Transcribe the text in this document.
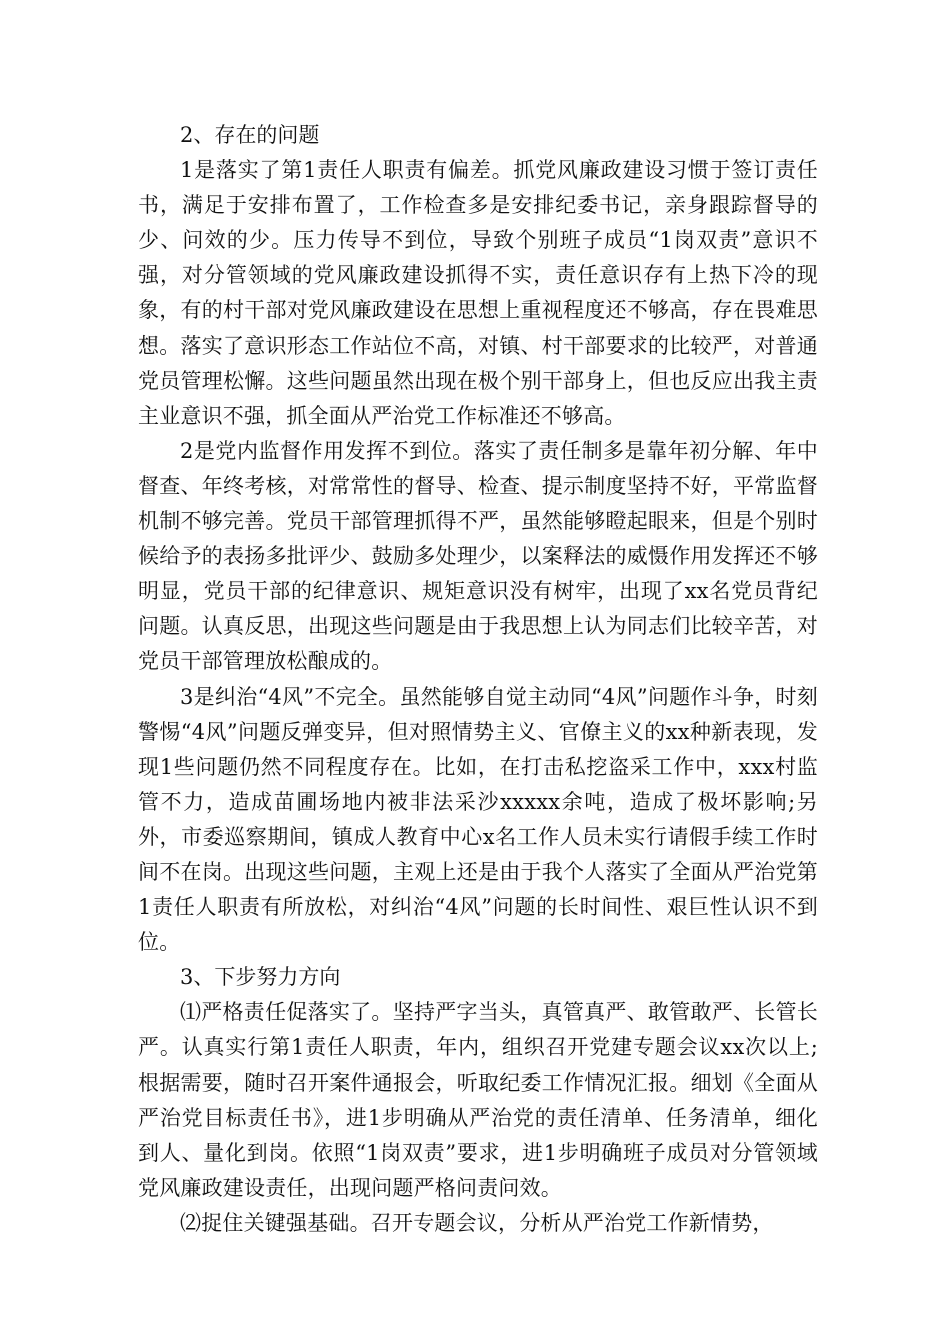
2、存在的问题

1是落实了第1责任人职责有偏差。抓党风廉政建设习惯于签订责任书，满足于安排布置了，工作检查多是安排纪委书记，亲身跟踪督导的少、问效的少。压力传导不到位，导致个别班子成员“1岗双责”意识不强，对分管领域的党风廉政建设抓得不实，责任意识存有上热下冷的现象，有的村干部对党风廉政建设在思想上重视程度还不够高，存在畏难思想。落实了意识形态工作站位不高，对镇、村干部要求的比较严，对普通党员管理松懈。这些问题虽然出现在极个别干部身上，但也反应出我主责主业意识不强，抓全面从严治党工作标准还不够高。

2是党内监督作用发挥不到位。落实了责任制多是靠年初分解、年中督查、年终考核，对常常性的督导、检查、提示制度坚持不好，平常监督机制不够完善。党员干部管理抓得不严，虽然能够瞪起眼来，但是个别时候给予的表扬多批评少、鼓励多处理少，以案释法的威慑作用发挥还不够明显，党员干部的纪律意识、规矩意识没有树牢，出现了xx名党员背纪问题。认真反思，出现这些问题是由于我思想上认为同志们比较辛苦，对党员干部管理放松酿成的。

3是纠治“4风”不完全。虽然能够自觉主动同“4风”问题作斗争，时刻警惕“4风”问题反弹变异，但对照情势主义、官僚主义的xx种新表现，发现1些问题仍然不同程度存在。比如，在打击私挖盗采工作中，xxx村监管不力，造成苗圃场地内被非法采沙xxxxx余吨，造成了极坏影响;另外，市委巡察期间，镇成人教育中心x名工作人员未实行请假手续工作时间不在岗。出现这些问题，主观上还是由于我个人落实了全面从严治党第1责任人职责有所放松，对纠治“4风”问题的长时间性、艰巨性认识不到位。

3、下步努力方向

⑴严格责任促落实了。坚持严字当头，真管真严、敢管敢严、长管长严。认真实行第1责任人职责，年内，组织召开党建专题会议xx次以上;根据需要，随时召开案件通报会，听取纪委工作情况汇报。细划《全面从严治党目标责任书》，进1步明确从严治党的责任清单、任务清单，细化到人、量化到岗。依照“1岗双责”要求，进1步明确班子成员对分管领域党风廉政建设责任，出现问题严格问责问效。

⑵捉住关键强基础。召开专题会议，分析从严治党工作新情势，
